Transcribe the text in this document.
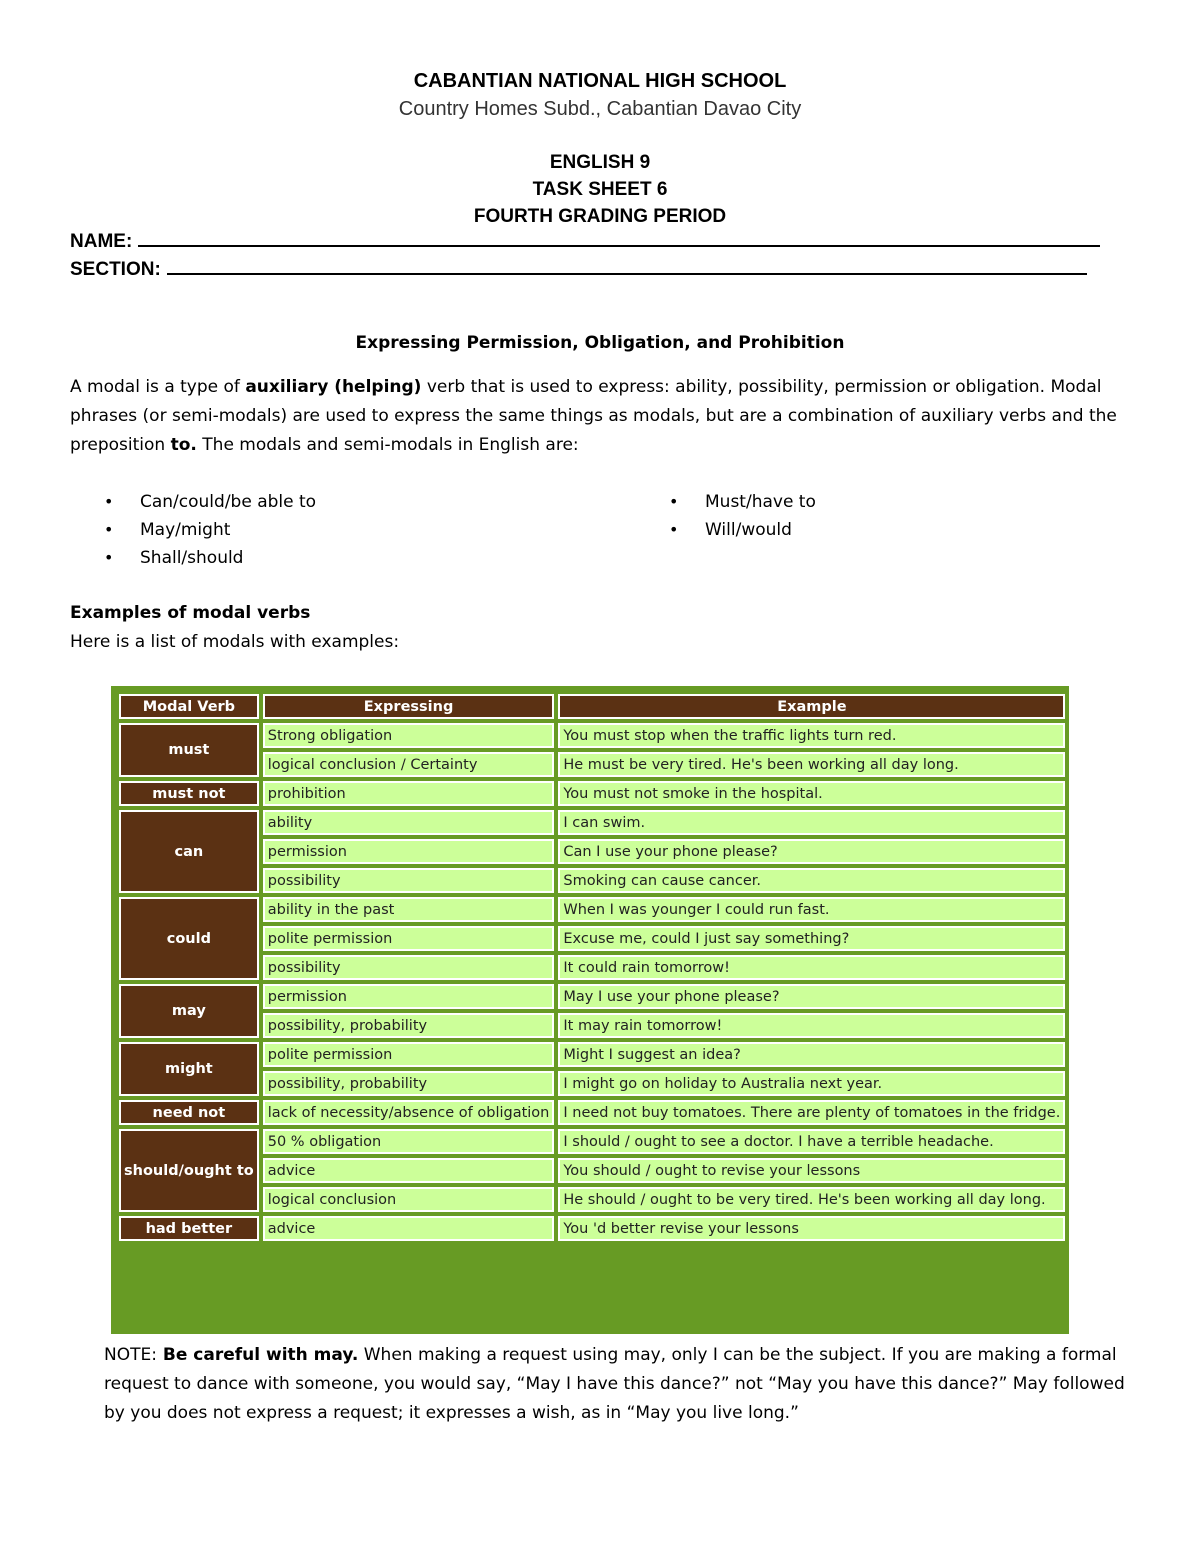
CABANTIAN NATIONAL HIGH SCHOOL
Country Homes Subd., Cabantian Davao City
ENGLISH 9
TASK SHEET 6
FOURTH GRADING PERIOD
NAME:
SECTION:
Expressing Permission, Obligation, and Prohibition
A modal is a type of auxiliary (helping) verb that is used to express: ability, possibility, permission or obligation. Modal phrases (or semi-modals) are used to express the same things as modals, but are a combination of auxiliary verbs and the preposition to. The modals and semi-modals in English are:
• Can/could/be able to
• May/might
• Shall/should
• Must/have to
• Will/would
Examples of modal verbs
Here is a list of modals with examples:
Modal Verb	Expressing	Example
must	Strong obligation	You must stop when the traffic lights turn red.
	logical conclusion / Certainty	He must be very tired. He's been working all day long.
must not	prohibition	You must not smoke in the hospital.
can	ability	I can swim.
	permission	Can I use your phone please?
	possibility	Smoking can cause cancer.
could	ability in the past	When I was younger I could run fast.
	polite permission	Excuse me, could I just say something?
	possibility	It could rain tomorrow!
may	permission	May I use your phone please?
	possibility, probability	It may rain tomorrow!
might	polite permission	Might I suggest an idea?
	possibility, probability	I might go on holiday to Australia next year.
need not	lack of necessity/absence of obligation	I need not buy tomatoes. There are plenty of tomatoes in the fridge.
should/ought to	50 % obligation	I should / ought to see a doctor. I have a terrible headache.
	advice	You should / ought to revise your lessons
	logical conclusion	He should / ought to be very tired. He's been working all day long.
had better	advice	You 'd better revise your lessons
NOTE: Be careful with may. When making a request using may, only I can be the subject. If you are making a formal request to dance with someone, you would say, “May I have this dance?” not “May you have this dance?” May followed by you does not express a request; it expresses a wish, as in “May you live long.”
